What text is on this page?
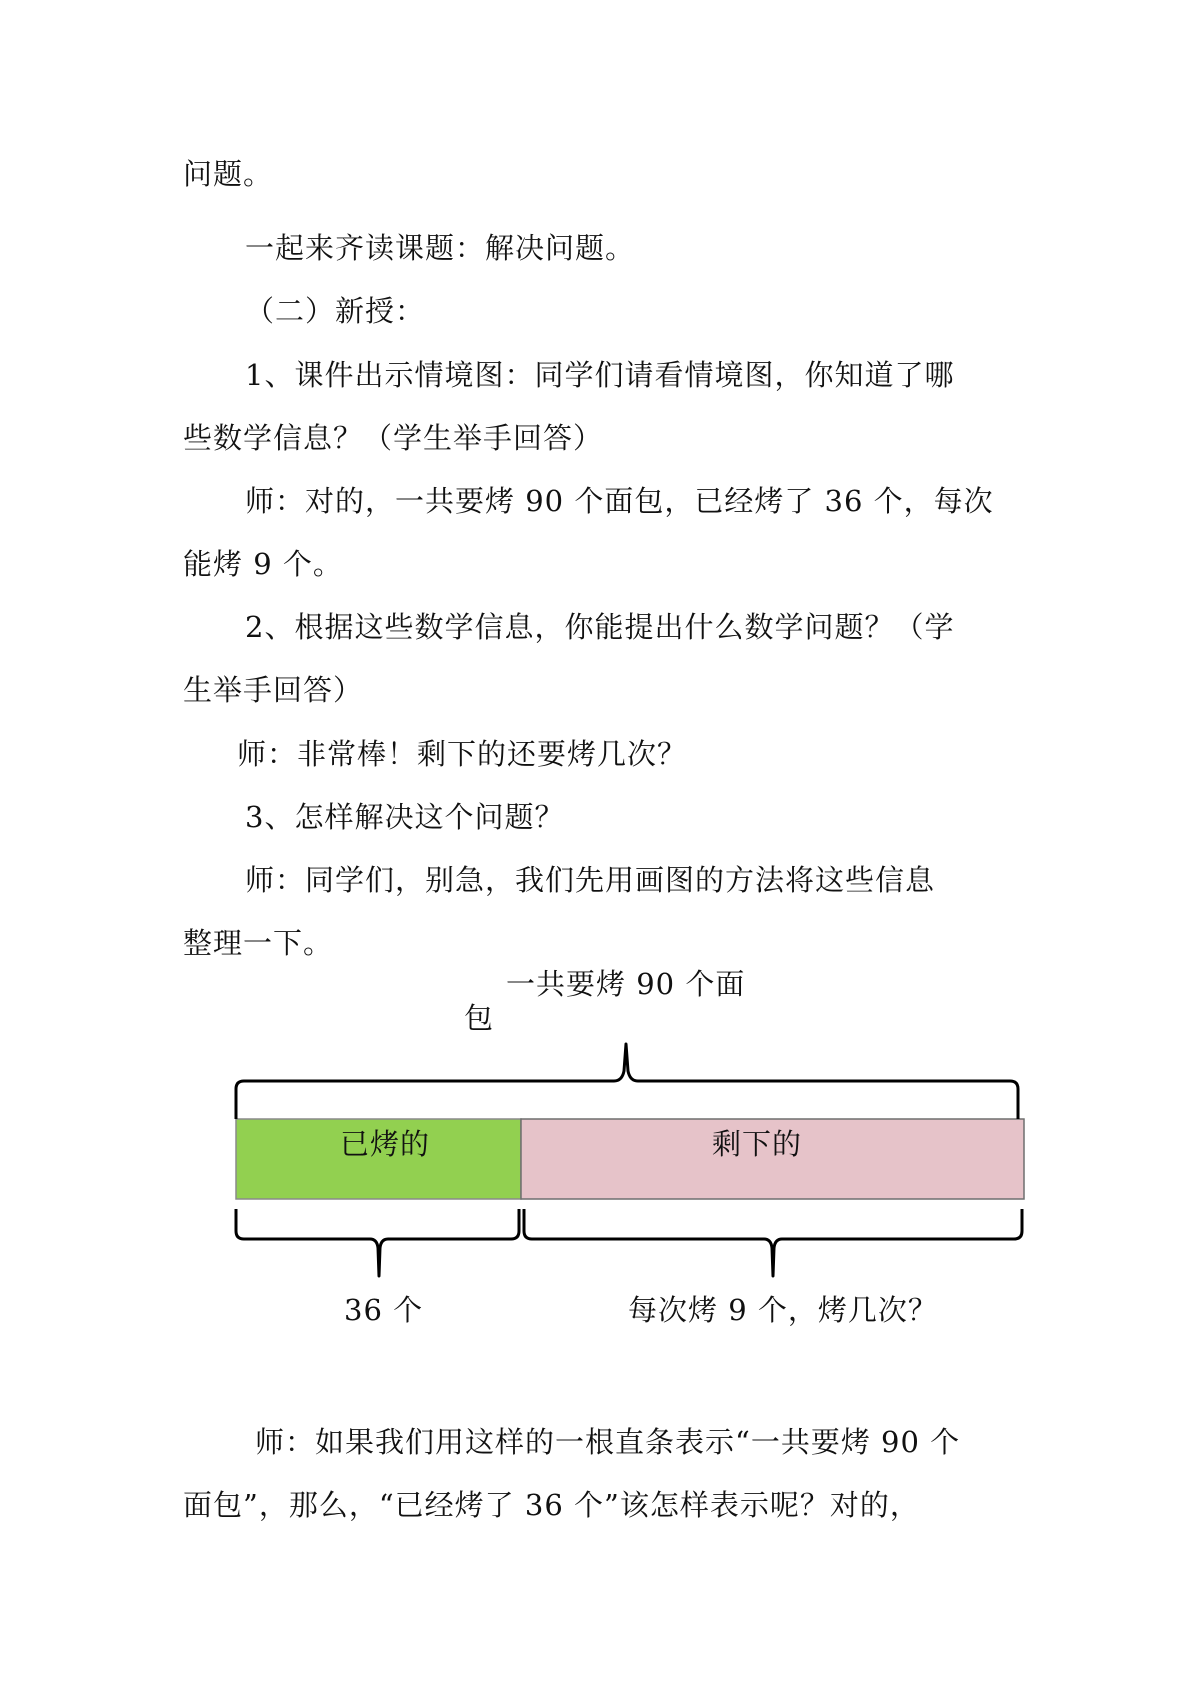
问题。
一起来齐读课题：解决问题。
（二）新授：
1、课件出示情境图：同学们请看情境图，你知道了哪
些数学信息？（学生举手回答）
师：对的，一共要烤 90 个面包，已经烤了 36 个，每次
能烤 9 个。
2、根据这些数学信息，你能提出什么数学问题？（学
生举手回答）
师：非常棒！剩下的还要烤几次？
3、怎样解决这个问题？
师：同学们，别急，我们先用画图的方法将这些信息
整理一下。
一共要烤 90 个面
包
已烤的	剩下的
36 个	每次烤 9 个，烤几次？
师：如果我们用这样的一根直条表示“一共要烤 90 个
面包”，那么，“已经烤了 36 个”该怎样表示呢？对的，
